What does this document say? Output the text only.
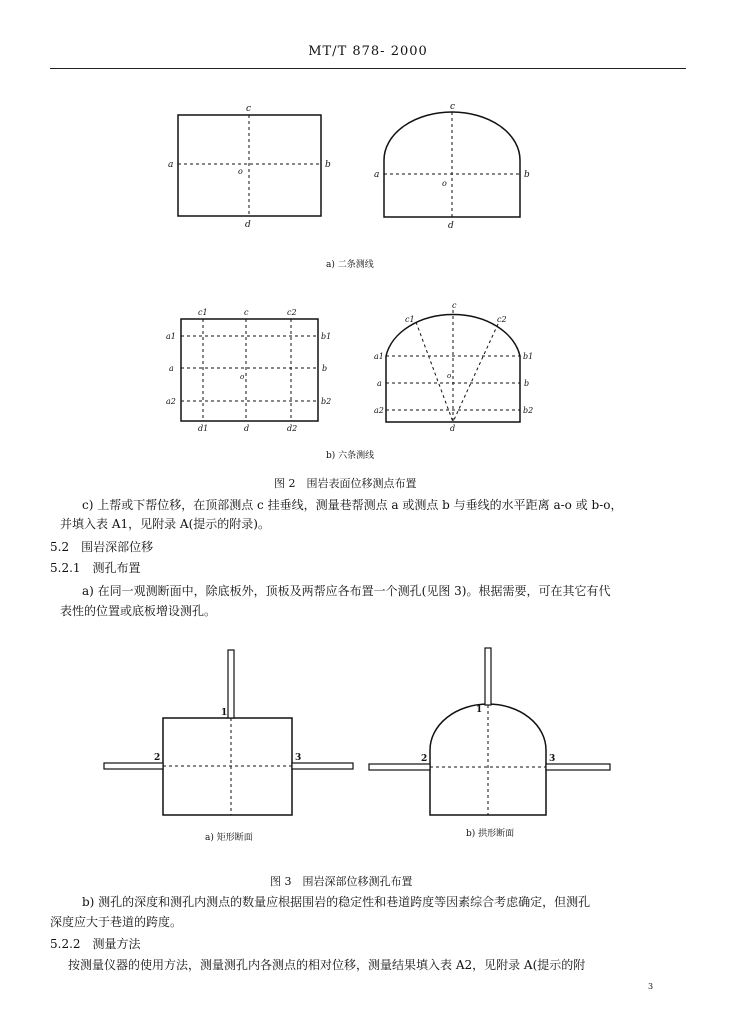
MT/T 878- 2000
c
a	b
o
d
c
a	b
o
d
a) 二条测线
c1	c	c2
a1
a
a2
b1
b
b2
o
d1	d	d2
c
c1	c2
a1
a
a2
b1
b
b2
o
d
b) 六条测线
图 2　围岩表面位移测点布置
c) 上帮或下帮位移，在顶部测点 c 挂垂线，测量巷帮测点 a 或测点 b 与垂线的水平距离 a-o 或 b-o，
并填入表 A1，见附录 A(提示的附录)。
5.2　围岩深部位移
5.2.1　测孔布置
a) 在同一观测断面中，除底板外，顶板及两帮应各布置一个测孔(见图 3)。根据需要，可在其它有代
表性的位置或底板增设测孔。
1
2	3
1
2	3
a) 矩形断面	b) 拱形断面
图 3　围岩深部位移测孔布置
b) 测孔的深度和测孔内测点的数量应根据围岩的稳定性和巷道跨度等因素综合考虑确定，但测孔
深度应大于巷道的跨度。
5.2.2　测量方法
按测量仪器的使用方法，测量测孔内各测点的相对位移，测量结果填入表 A2，见附录 A(提示的附
3
